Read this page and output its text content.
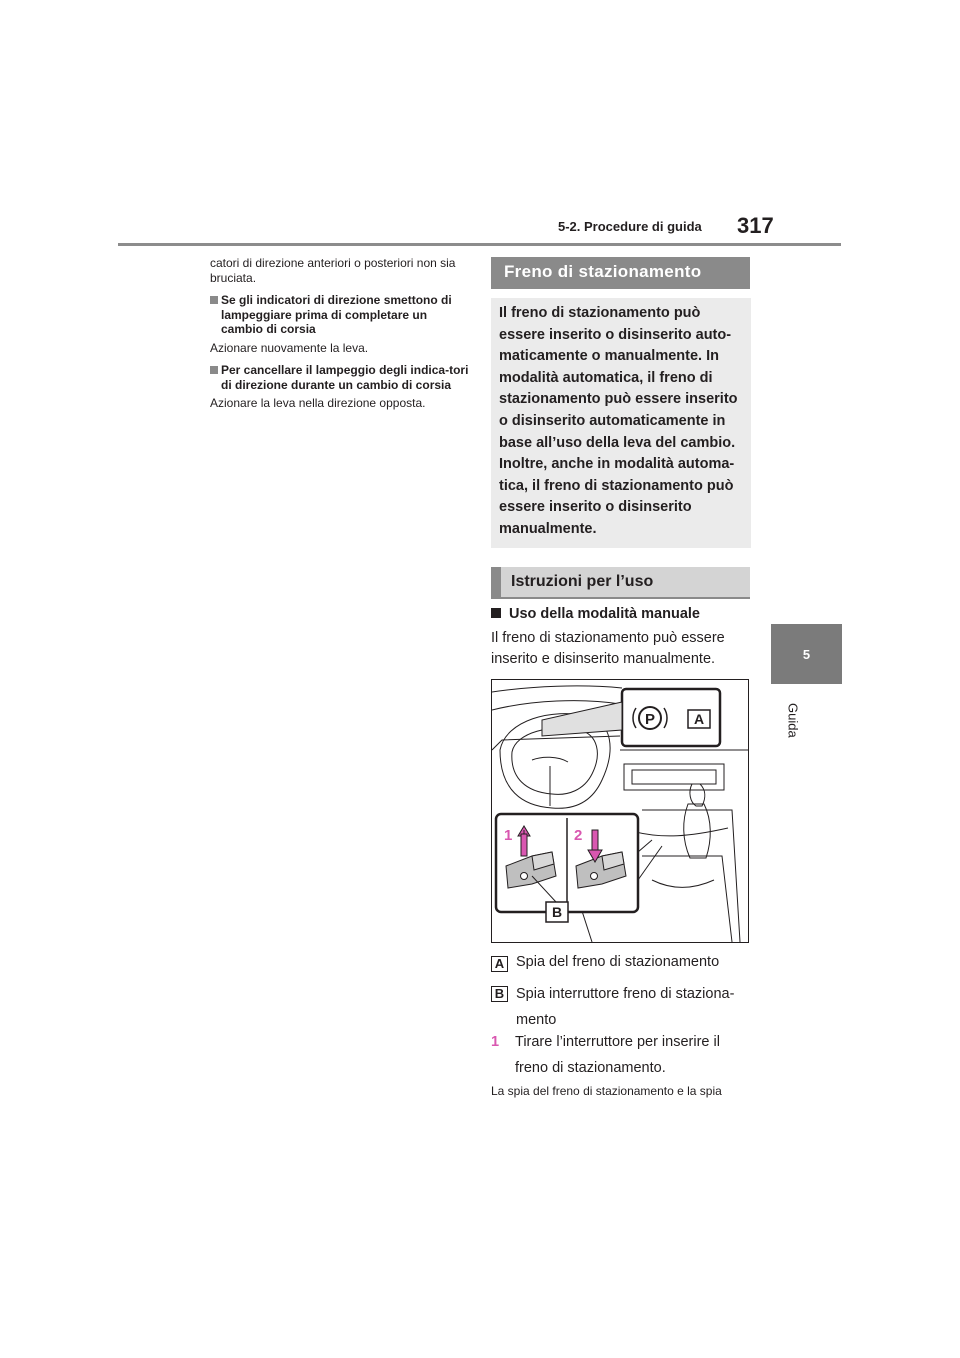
5-2. Procedure di guida 317
5
Guida

catori di direzione anteriori o posteriori non sia bruciata.

Se gli indicatori di direzione smettono di lampeggiare prima di completare un cambio di corsia

Azionare nuovamente la leva.

Per cancellare il lampeggio degli indica-tori di direzione durante un cambio di corsia

Azionare la leva nella direzione opposta.

Freno di stazionamento
Il freno di stazionamento può essere inserito o disinserito auto-maticamente o manualmente. In modalità automatica, il freno di stazionamento può essere inserito o disinserito automaticamente in base all’uso della leva del cambio. Inoltre, anche in modalità automa-tica, il freno di stazionamento può essere inserito o disinserito manualmente.
Istruzioni per l’uso
Uso della modalità manuale
Il freno di stazionamento può essere inserito e disinserito manualmente.
P	A
1	2
B
A Spia del freno di stazionamento
B Spia interruttore freno di staziona-mento
1 Tirare l’interruttore per inserire il freno di stazionamento.
La spia del freno di stazionamento e la spia
